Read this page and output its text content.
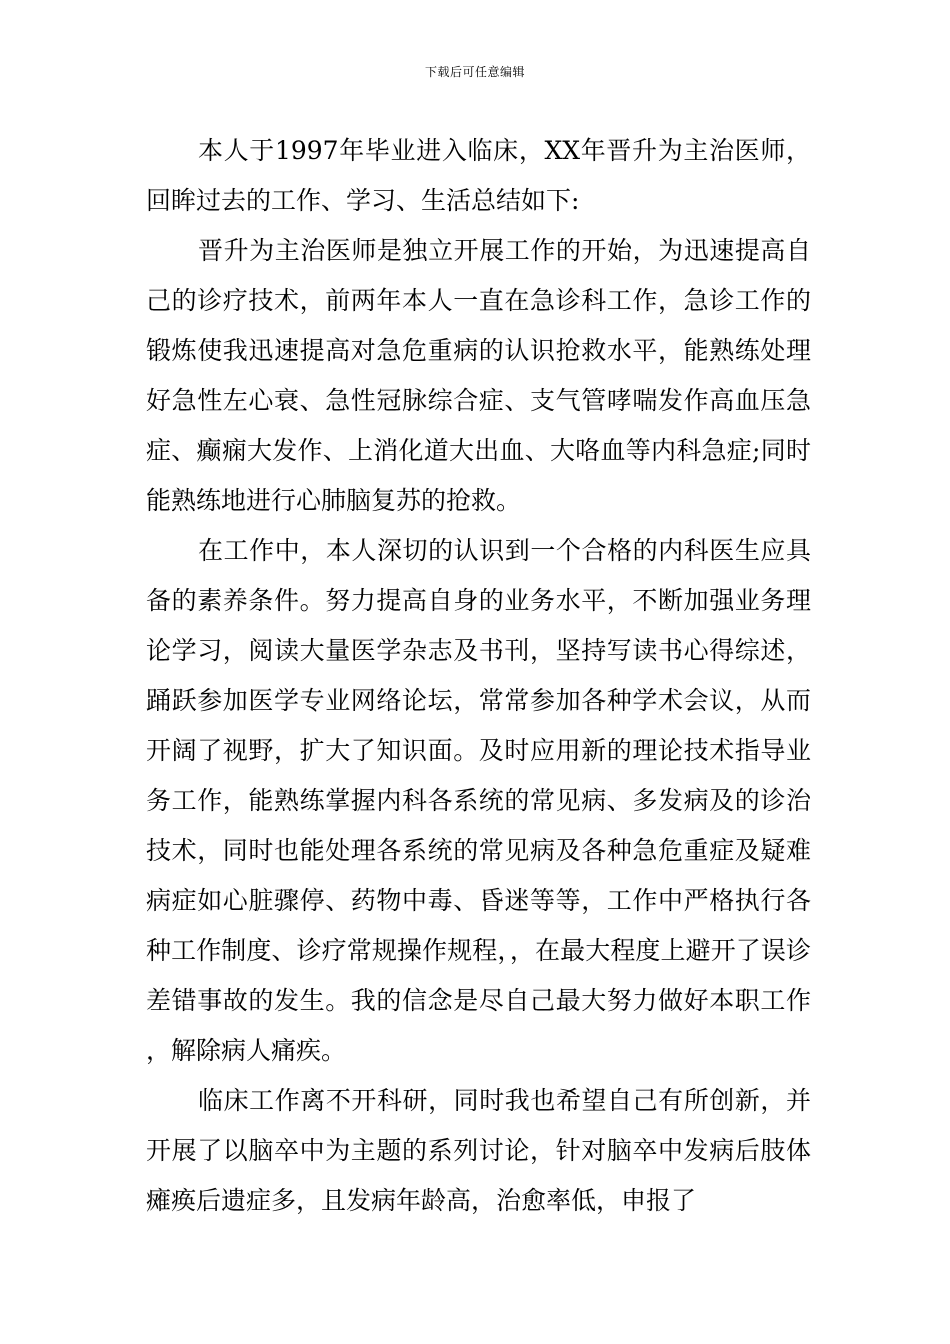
下载后可任意编辑

本人于1997年毕业进入临床，XX年晋升为主治医师，回眸过去的工作、学习、生活总结如下:

晋升为主治医师是独立开展工作的开始，为迅速提高自己的诊疗技术，前两年本人一直在急诊科工作，急诊工作的锻炼使我迅速提高对急危重病的认识抢救水平，能熟练处理好急性左心衰、急性冠脉综合症、支气管哮喘发作高血压急症、癫痫大发作、上消化道大出血、大咯血等内科急症;同时能熟练地进行心肺脑复苏的抢救。

在工作中，本人深切的认识到一个合格的内科医生应具备的素养条件。努力提高自身的业务水平，不断加强业务理论学习，阅读大量医学杂志及书刊，坚持写读书心得综述，踊跃参加医学专业网络论坛，常常参加各种学术会议，从而开阔了视野，扩大了知识面。及时应用新的理论技术指导业务工作，能熟练掌握内科各系统的常见病、多发病及的诊治技术，同时也能处理各系统的常见病及各种急危重症及疑难病症如心脏骤停、药物中毒、昏迷等等，工作中严格执行各种工作制度、诊疗常规操作规程，，在最大程度上避开了误诊差错事故的发生。我的信念是尽自己最大努力做好本职工作，解除病人痛疾。

临床工作离不开科研，同时我也希望自己有所创新，并开展了以脑卒中为主题的系列讨论，针对脑卒中发病后肢体瘫痪后遗症多，且发病年龄高，治愈率低，申报了
